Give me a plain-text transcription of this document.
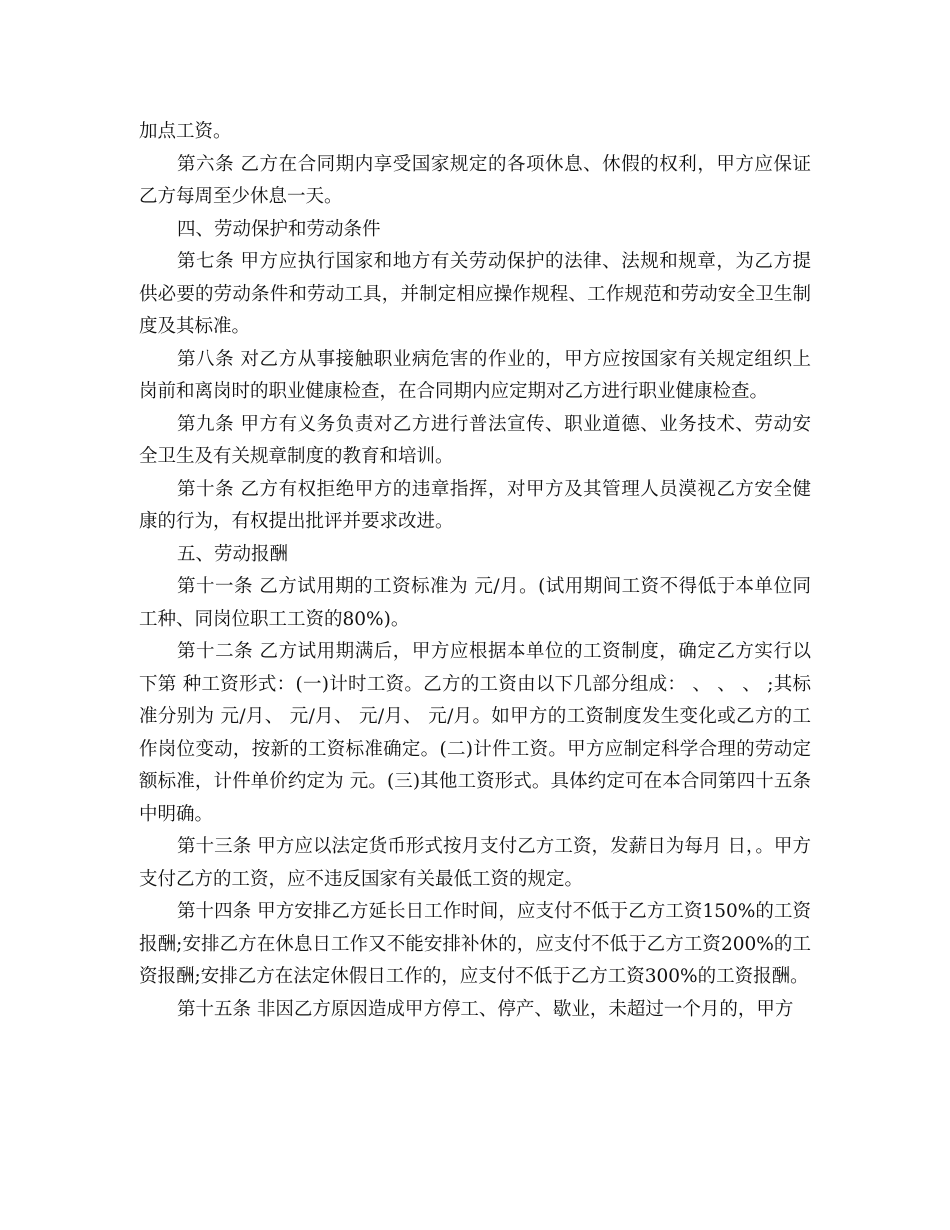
加点工资。

第六条 乙方在合同期内享受国家规定的各项休息、休假的权利，甲方应保证乙方每周至少休息一天。

四、劳动保护和劳动条件

第七条 甲方应执行国家和地方有关劳动保护的法律、法规和规章，为乙方提供必要的劳动条件和劳动工具，并制定相应操作规程、工作规范和劳动安全卫生制度及其标准。

第八条 对乙方从事接触职业病危害的作业的，甲方应按国家有关规定组织上岗前和离岗时的职业健康检查，在合同期内应定期对乙方进行职业健康检查。

第九条 甲方有义务负责对乙方进行普法宣传、职业道德、业务技术、劳动安全卫生及有关规章制度的教育和培训。

第十条 乙方有权拒绝甲方的违章指挥，对甲方及其管理人员漠视乙方安全健康的行为，有权提出批评并要求改进。

五、劳动报酬

第十一条 乙方试用期的工资标准为 元/月。(试用期间工资不得低于本单位同工种、同岗位职工工资的80%)。

第十二条 乙方试用期满后，甲方应根据本单位的工资制度，确定乙方实行以下第 种工资形式：(一)计时工资。乙方的工资由以下几部分组成： 、 、 、 ;其标准分别为 元/月、 元/月、 元/月、 元/月。如甲方的工资制度发生变化或乙方的工作岗位变动，按新的工资标准确定。(二)计件工资。甲方应制定科学合理的劳动定额标准，计件单价约定为 元。(三)其他工资形式。具体约定可在本合同第四十五条中明确。

第十三条 甲方应以法定货币形式按月支付乙方工资，发薪日为每月 日，。甲方支付乙方的工资，应不违反国家有关最低工资的规定。

第十四条 甲方安排乙方延长日工作时间，应支付不低于乙方工资150%的工资报酬;安排乙方在休息日工作又不能安排补休的，应支付不低于乙方工资200%的工资报酬;安排乙方在法定休假日工作的，应支付不低于乙方工资300%的工资报酬。

第十五条 非因乙方原因造成甲方停工、停产、歇业，未超过一个月的，甲方
